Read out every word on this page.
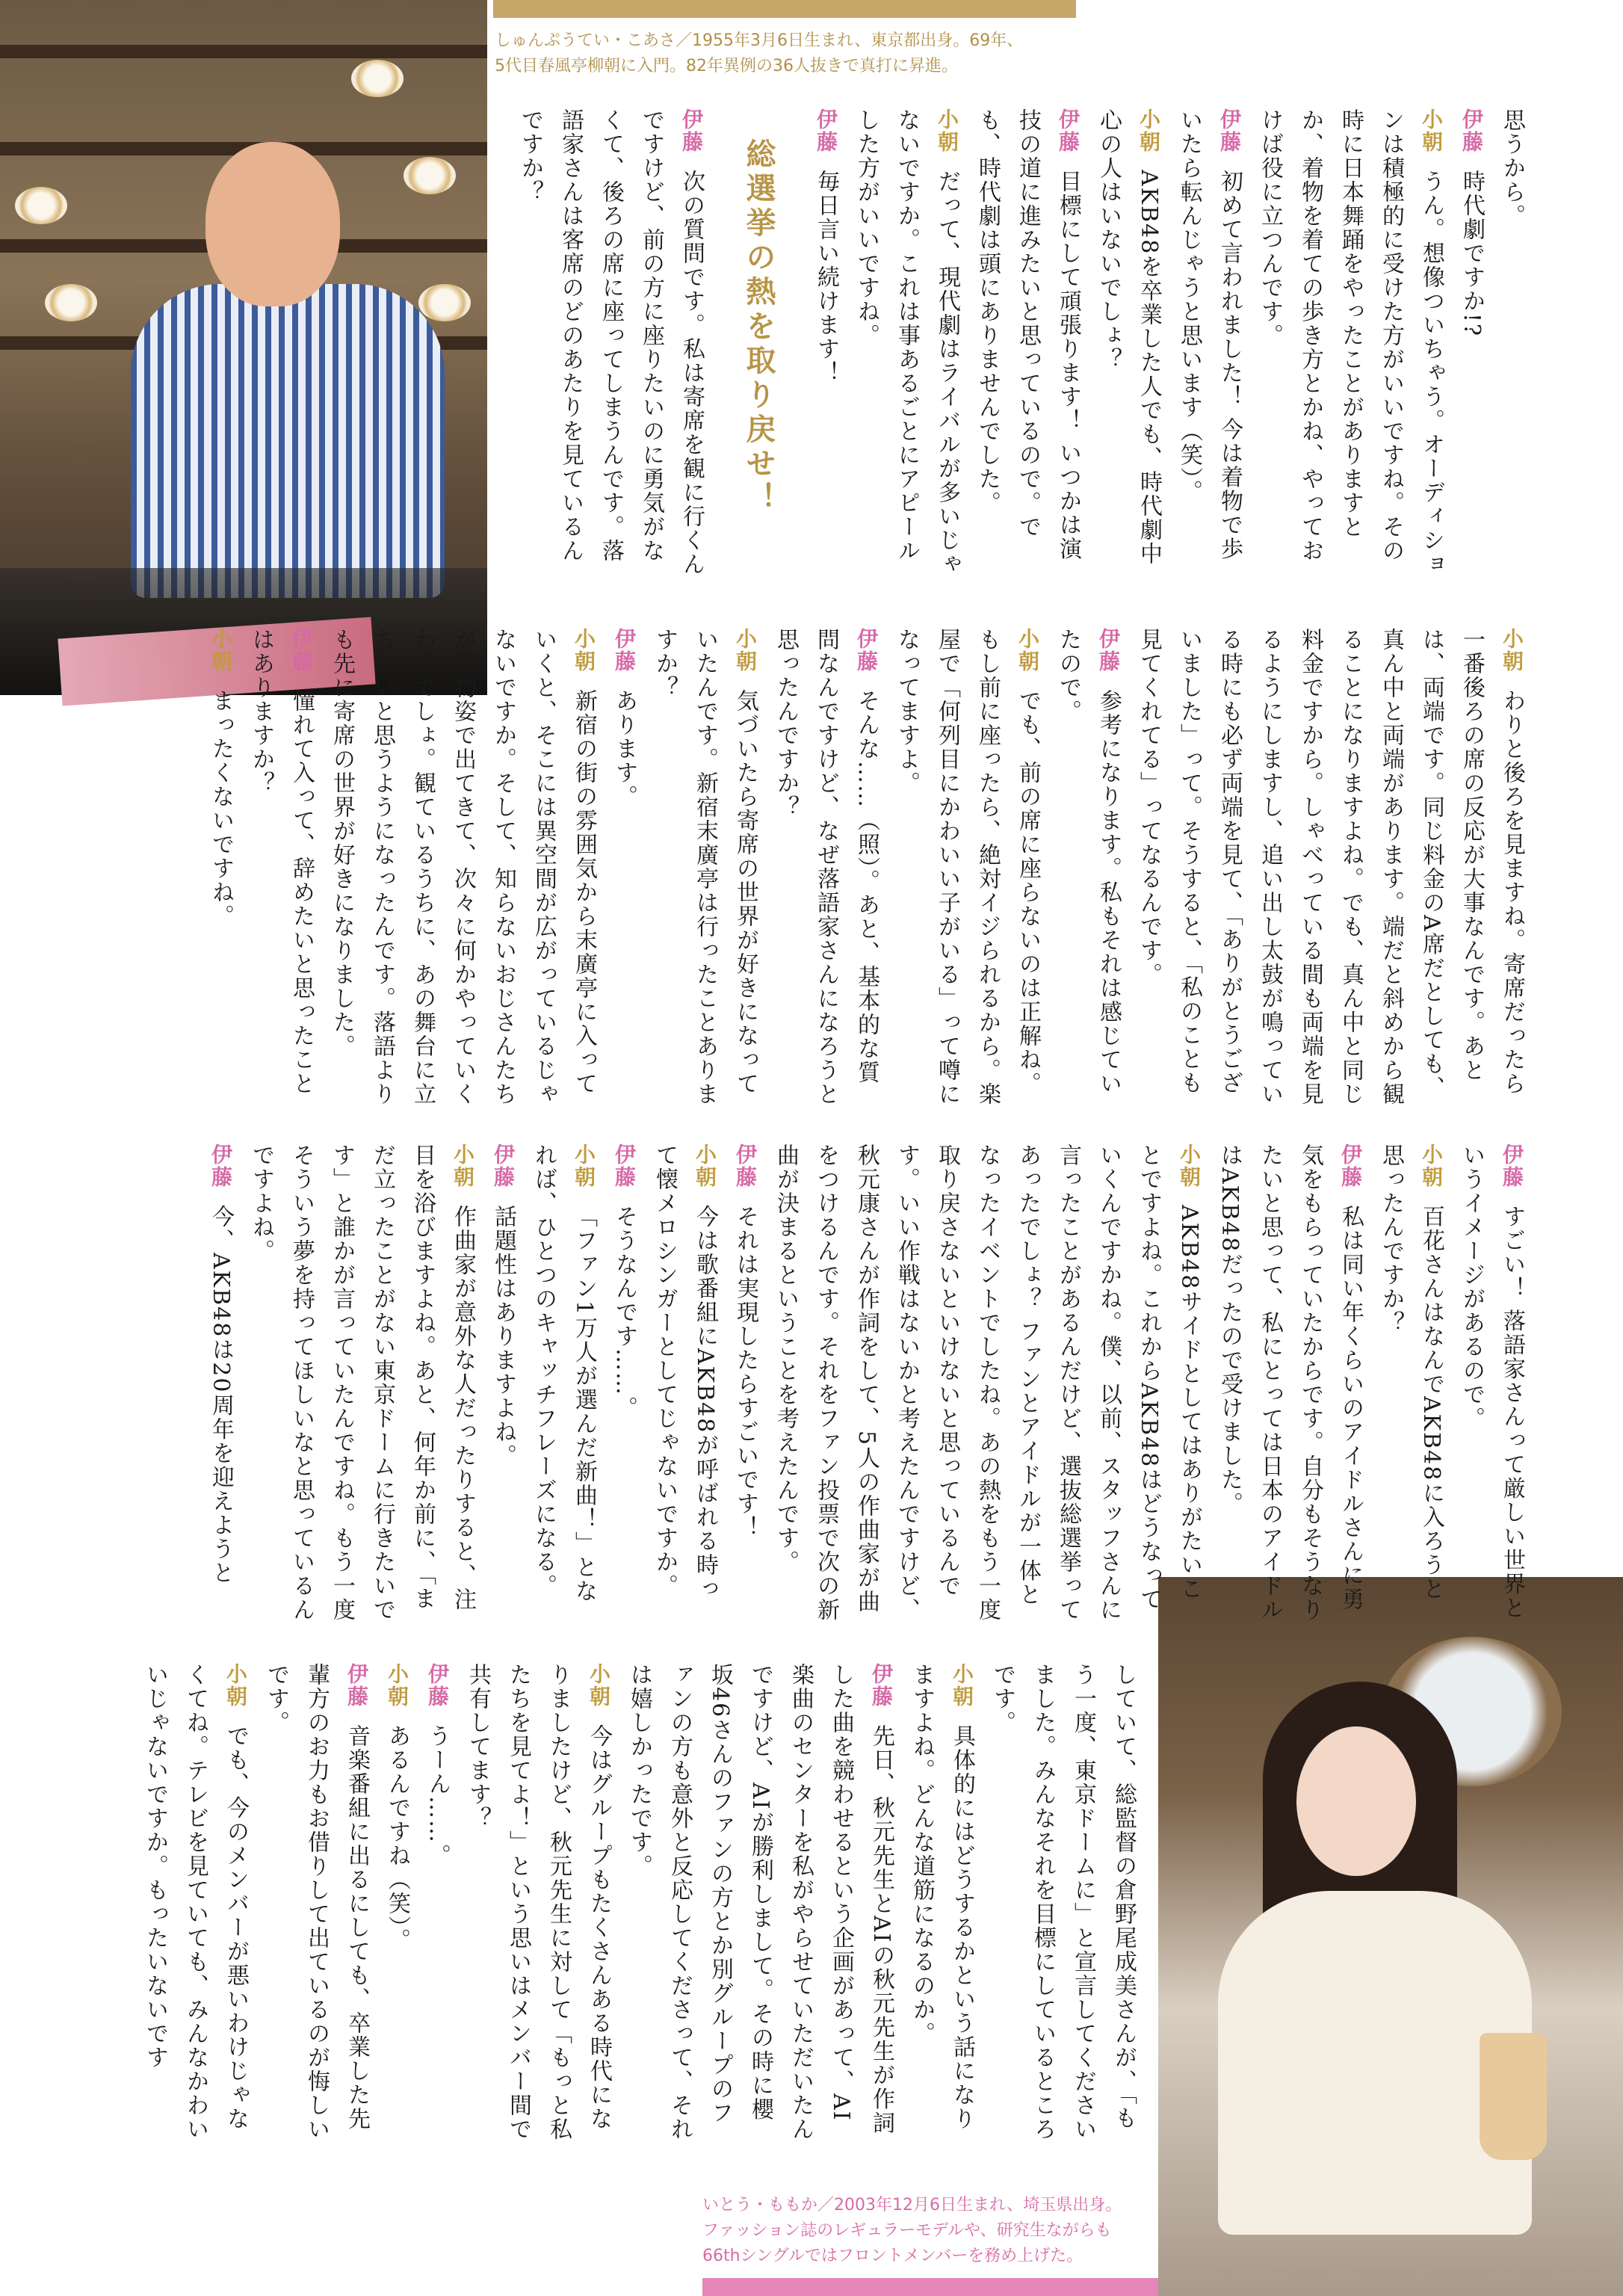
しゅんぷうてい・こあさ／1955年3月6日生まれ、東京都出身。69年、

5代目春風亭柳朝に入門。82年異例の36人抜きで真打に昇進。

いとう・ももか／2003年12月6日生まれ、埼玉県出身。

ファッション誌のレギュラーモデルや、研究生ながらも

66thシングルではフロントメンバーを務め上げた。

思うから。

伊藤時代劇ですか!?

小朝うん。想像ついちゃう。オーディションは積極的に受けた方がいいですね。その時に日本舞踊をやったことがありますとか、着物を着ての歩き方とかね、やっておけば役に立つんです。

伊藤初めて言われました！ 今は着物で歩いたら転んじゃうと思います（笑）。

小朝AKB48を卒業した人でも、時代劇中心の人はいないでしょ？

伊藤目標にして頑張ります！ いつかは演技の道に進みたいと思っているので。でも、時代劇は頭にありませんでした。

小朝だって、現代劇はライバルが多いじゃないですか。これは事あるごとにアピールした方がいいですね。

伊藤毎日言い続けます！

総選挙の熱を取り戻せ！

伊藤次の質問です。私は寄席を観に行くんですけど、前の方に座りたいのに勇気がなくて、後ろの席に座ってしまうんです。落語家さんは客席のどのあたりを見ているんですか？

小朝わりと後ろを見ますね。寄席だったら一番後ろの席の反応が大事なんです。あとは、両端です。同じ料金のA席だとしても、真ん中と両端があります。端だと斜めから観ることになりますよね。でも、真ん中と同じ料金ですから。しゃべっている間も両端を見るようにしますし、追い出し太鼓が鳴っている時にも必ず両端を見て、「ありがとうございました」って。そうすると、「私のことも見てくれてる」ってなるんです。

伊藤参考になります。私もそれは感じていたので。

小朝でも、前の席に座らないのは正解ね。もし前に座ったら、絶対イジられるから。楽屋で「何列目にかわいい子がいる」って噂になってますよ。

伊藤そんな……（照）。あと、基本的な質問なんですけど、なぜ落語家さんになろうと思ったんですか？

小朝気づいたら寄席の世界が好きになっていたんです。新宿末廣亭は行ったことありますか？

伊藤あります。

小朝新宿の街の雰囲気から末廣亭に入っていくと、そこには異空間が広がっているじゃないですか。そして、知らないおじさんたちが着物姿で出てきて、次々に何かやっていくわけでしょ。観ているうちに、あの舞台に立ちたいと思うようになったんです。落語よりも先に寄席の世界が好きになりました。

伊藤憧れて入って、辞めたいと思ったことはありますか？

小朝まったくないですね。

伊藤すごい！ 落語家さんって厳しい世界というイメージがあるので。

小朝百花さんはなんでAKB48に入ろうと思ったんですか？

伊藤私は同い年くらいのアイドルさんに勇気をもらっていたからです。自分もそうなりたいと思って、私にとっては日本のアイドルはAKB48だったので受けました。

小朝AKB48サイドとしてはありがたいことですよね。これからAKB48はどうなっていくんですかね。僕、以前、スタッフさんに言ったことがあるんだけど、選抜総選挙ってあったでしょ？ ファンとアイドルが一体となったイベントでしたね。あの熱をもう一度取り戻さないといけないと思っているんです。いい作戦はないかと考えたんですけど、秋元康さんが作詞をして、5人の作曲家が曲をつけるんです。それをファン投票で次の新曲が決まるということを考えたんです。

伊藤それは実現したらすごいです！

小朝今は歌番組にAKB48が呼ばれる時って懐メロシンガーとしてじゃないですか。

伊藤そうなんです……。

小朝「ファン1万人が選んだ新曲！」となれば、ひとつのキャッチフレーズになる。

伊藤話題性はありますよね。

小朝作曲家が意外な人だったりすると、注目を浴びますよね。あと、何年か前に、「まだ立ったことがない東京ドームに行きたいです」と誰かが言っていたんですね。もう一度そういう夢を持ってほしいなと思っているんですよね。

伊藤今、AKB48は20周年を迎えようと

していて、総監督の倉野尾成美さんが、「もう一度、東京ドームに」と宣言してくださいました。みんなそれを目標にしているところです。

小朝具体的にはどうするかという話になりますよね。どんな道筋になるのか。

伊藤先日、秋元先生とAIの秋元先生が作詞した曲を競わせるという企画があって、AI楽曲のセンターを私がやらせていただいたんですけど、AIが勝利しまして。その時に櫻坂46さんのファンの方とか別グループのファンの方も意外と反応してくださって、それは嬉しかったです。

小朝今はグループもたくさんある時代になりましたけど、秋元先生に対して「もっと私たちを見てよ！」という思いはメンバー間で共有してます？

伊藤うーん……。

小朝あるんですね（笑）。

伊藤音楽番組に出るにしても、卒業した先輩方のお力もお借りして出ているのが悔しいです。

小朝でも、今のメンバーが悪いわけじゃなくてね。テレビを見ていても、みんなかわいいじゃないですか。もったいないです
